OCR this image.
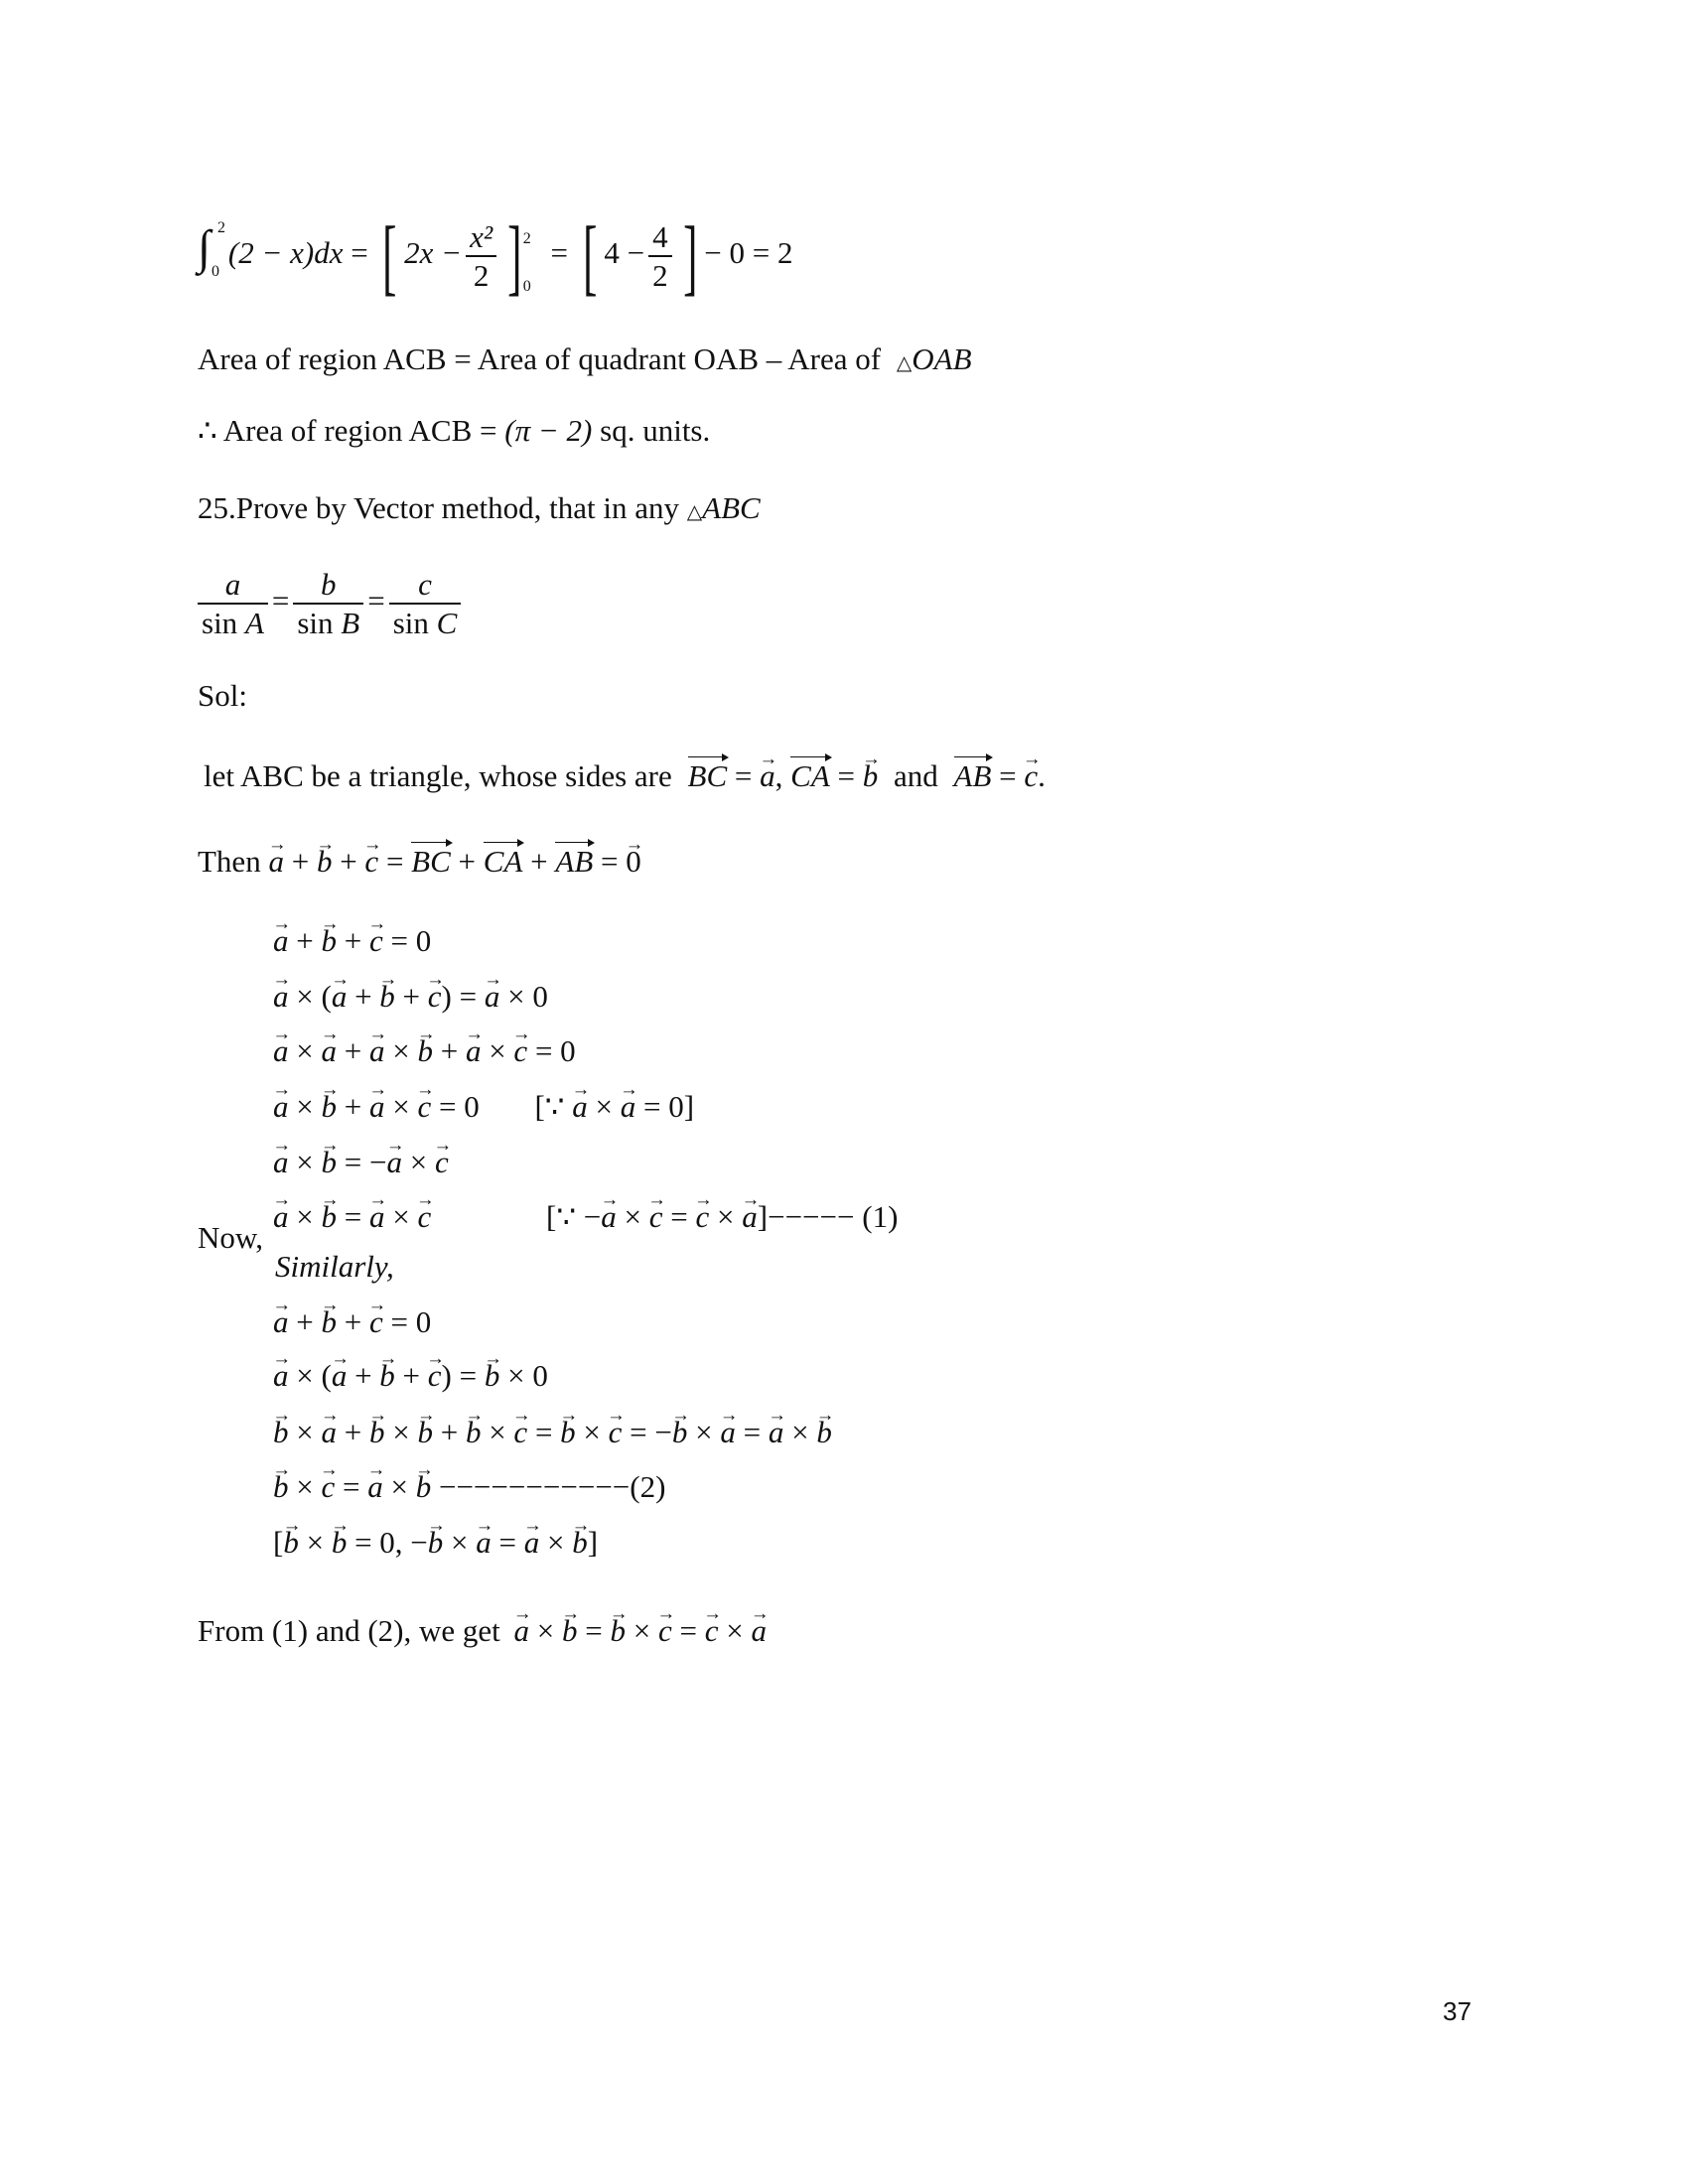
∫ 2
0
(2 − x)dx = [ $2x - \frac{\text{x²}}{2}$ ] 2
0
= [ $4 - \frac{4}{2}$ ] − 0 = 2
Area of region ACB = Area of quadrant OAB – Area of △OAB
∴ Area of region ACB = (π − 2) sq. units.
25.Prove by Vector method, that in any △ABC
$\frac{a}{\text{sin A}} = \frac{b}{\text{sin B}} = \frac{c}{\text{sin C}}$
Sol:
let ABC be a triangle, whose sides are BC = → a, CA = → b and AB = → c.
Then → a + → b + → c = BC + CA + AB = → 0
→ a + → b + → c = 0
→ a × (→ a + → b + → c) = → a × 0
→ a × → a + → a × → b + → a × → c = 0
→ a × → b + → a × → c = 0 [∵ → a × → a = 0]
→ a × → b = −→ a × → c
→ a × → b = → a × → c	[∵ −→ a × → c = → c × → a]−−−−− (1)
Now,
Similarly,
→ a + → b + → c = 0
→ a × (→ a + → b + → c) = → b × 0
→ b × → a + → b × → b + → b × → c = → b × → c = −→ b × → a = → a × → b
→ b × → c = → a × → b −−−−−−−−−−−(2)
[→ b × → b = 0, −→ b × → a = → a × → b]
From (1) and (2), we get → a × → b = → b × → c = → c × → a
37
